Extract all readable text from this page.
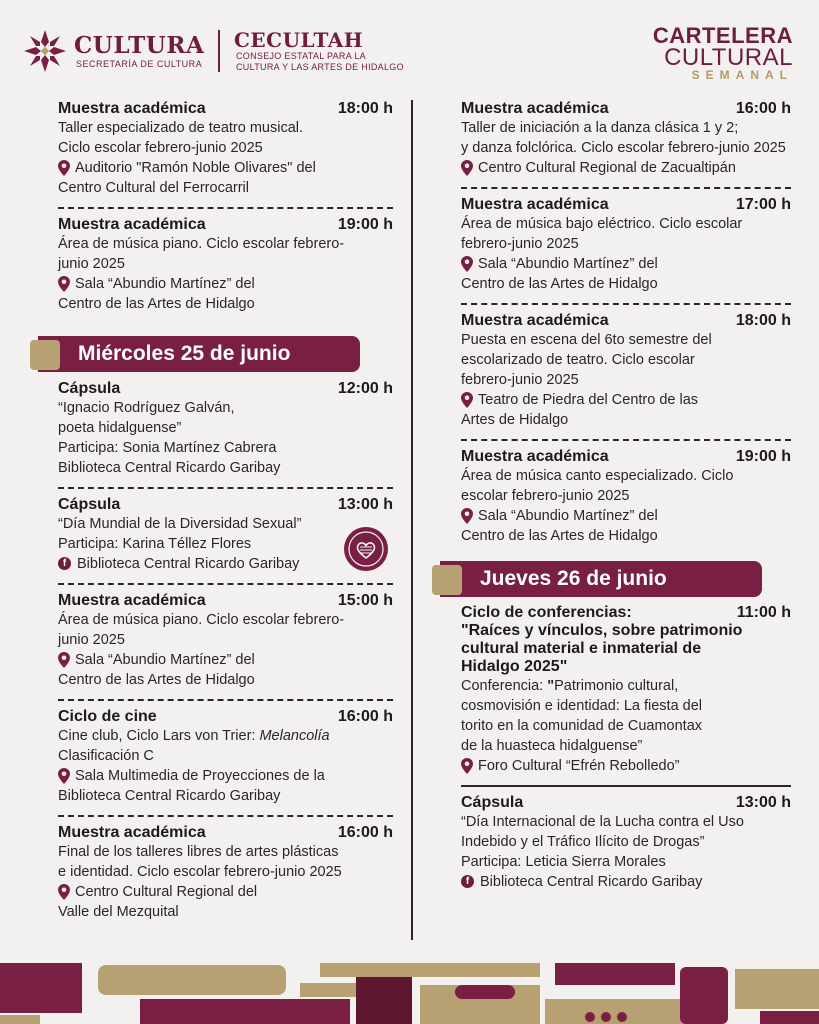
CULTURA
SECRETARÍA DE CULTURA
CECULTAH
CONSEJO ESTATAL PARA LA
CULTURA Y LAS ARTES DE HIDALGO
CARTELERA
CULTURAL
SEMANAL
Muestra académica	18:00 h
Taller especializado de teatro musical.
Ciclo escolar febrero-junio 2025
Auditorio "Ramón Noble Olivares" del
Centro Cultural del Ferrocarril
Muestra académica	19:00 h
Área de música piano. Ciclo escolar febrero-
junio 2025
Sala “Abundio Martínez” del
Centro de las Artes de Hidalgo
Cápsula	12:00 h
“Ignacio Rodríguez Galván,
poeta hidalguense”
Participa: Sonia Martínez Cabrera
Biblioteca Central Ricardo Garibay
Cápsula	13:00 h
“Día Mundial de la Diversidad Sexual”
Participa: Karina Téllez Flores
f Biblioteca Central Ricardo Garibay
Muestra académica	15:00 h
Área de música piano. Ciclo escolar febrero-
junio 2025
Sala “Abundio Martínez” del
Centro de las Artes de Hidalgo
Ciclo de cine	16:00 h
Cine club, Ciclo Lars von Trier: Melancolía
Clasificación C
Sala Multimedia de Proyecciones de la
Biblioteca Central Ricardo Garibay
Muestra académica	16:00 h
Final de los talleres libres de artes plásticas
e identidad. Ciclo escolar febrero-junio 2025
Centro Cultural Regional del
Valle del Mezquital
Miércoles 25 de junio
Muestra académica	16:00 h
Taller de iniciación a la danza clásica 1 y 2;
y danza folclórica. Ciclo escolar febrero-junio 2025
Centro Cultural Regional de Zacualtipán
Muestra académica	17:00 h
Área de música bajo eléctrico. Ciclo escolar
febrero-junio 2025
Sala “Abundio Martínez” del
Centro de las Artes de Hidalgo
Muestra académica	18:00 h
Puesta en escena del 6to semestre del
escolarizado de teatro. Ciclo escolar
febrero-junio 2025
Teatro de Piedra del Centro de las
Artes de Hidalgo
Muestra académica	19:00 h
Área de música canto especializado. Ciclo
escolar febrero-junio 2025
Sala “Abundio Martínez” del
Centro de las Artes de Hidalgo
Ciclo de conferencias:	11:00 h
"Raíces y vínculos, sobre patrimonio
cultural material e inmaterial de
Hidalgo 2025"
Conferencia: "Patrimonio cultural,
cosmovisión e identidad: La fiesta del
torito en la comunidad de Cuamontax
de la huasteca hidalguense”
Foro Cultural “Efrén Rebolledo”
Cápsula	13:00 h
“Día Internacional de la Lucha contra el Uso
Indebido y el Tráfico Ilícito de Drogas”
Participa: Leticia Sierra Morales
f Biblioteca Central Ricardo Garibay
Jueves 26 de junio
